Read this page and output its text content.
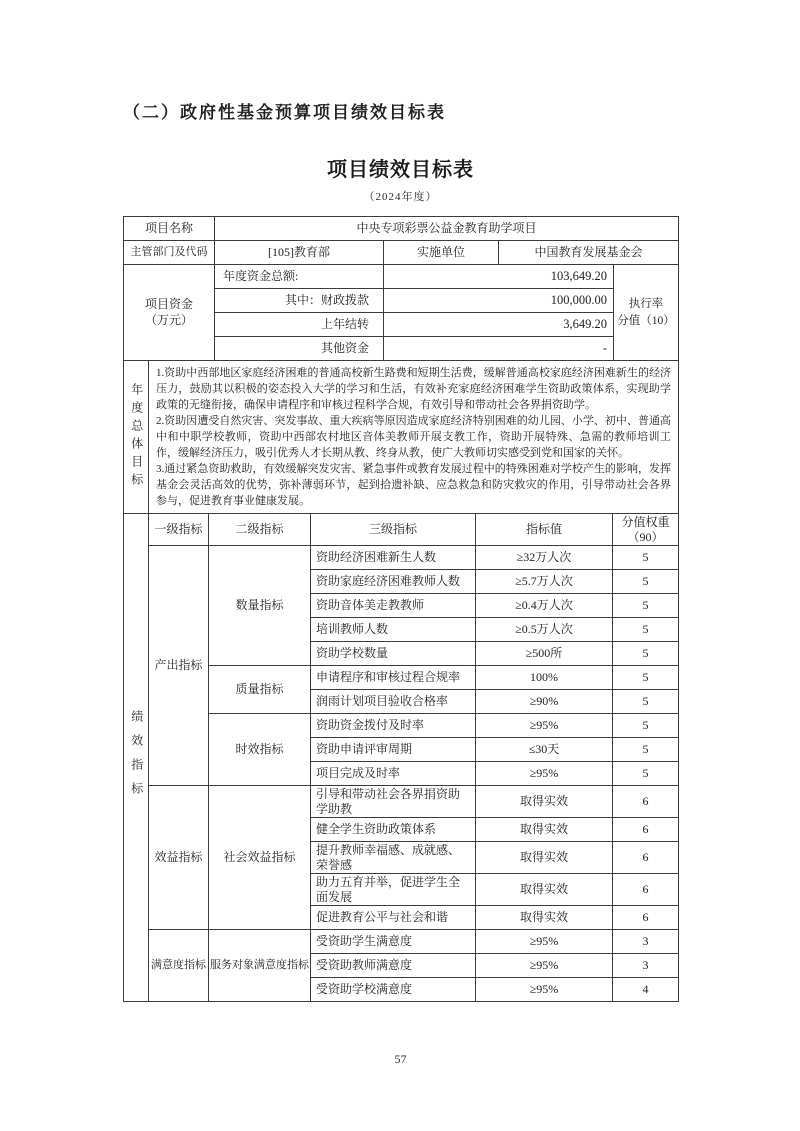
（二）政府性基金预算项目绩效目标表
项目绩效目标表
（2024年度）
项目名称	中央专项彩票公益金教育助学项目			
主管部门及代码	[105]教育部	实施单位	中国教育发展基金会	

项目资金
（万元）
	年度资金总额:	103,649.20	
执行率
分值（10）

	其中：财政拨款	100,000.00		
	上年结转	3,649.20		
	其他资金	-		
年度总体目标

1.资助中西部地区家庭经济困难的普通高校新生路费和短期生活费，缓解普通高校家庭经济困难新生的经济压力，鼓励其以积极的姿态投入大学的学习和生活，有效补充家庭经济困难学生资助政策体系，实现助学政策的无缝衔接，确保申请程序和审核过程科学合规，有效引导和带动社会各界捐资助学。

2.资助因遭受自然灾害、突发事故、重大疾病等原因造成家庭经济特别困难的幼儿园、小学、初中、普通高中和中职学校教师，资助中西部农村地区音体美教师开展支教工作，资助开展特殊、急需的教师培训工作，缓解经济压力，吸引优秀人才长期从教、终身从教，使广大教师切实感受到党和国家的关怀。

3.通过紧急资助救助，有效缓解突发灾害、紧急事件或教育发展过程中的特殊困难对学校产生的影响，发挥基金会灵活高效的优势，弥补薄弱环节，起到拾遗补缺、应急救急和防灾救灾的作用，引导带动社会各界参与，促进教育事业健康发展。

绩效指标	一级指标	二级指标	三级指标	指标值	分值权重
（90）

	产出指标	数量指标	资助经济困难新生人数	≥32万人次	5
			资助家庭经济困难教师人数	≥5.7万人次	5
			资助音体美走教教师	≥0.4万人次	5
			培训教师人数	≥0.5万人次	5
			资助学校数量	≥500所	5
		质量指标	申请程序和审核过程合规率	100%	5
			润雨计划项目验收合格率	≥90%	5
		时效指标	资助资金拨付及时率	≥95%	5
			资助申请评审周期	≤30天	5
			项目完成及时率	≥95%	5
	效益指标	社会效益指标	引导和带动社会各界捐资助学助教	取得实效	6
			健全学生资助政策体系	取得实效	6
			提升教师幸福感、成就感、荣誉感	取得实效	6
			助力五育并举，促进学生全面发展	取得实效	6
			促进教育公平与社会和谐	取得实效	6
	满意度指标	服务对象满意度指标	受资助学生满意度	≥95%	3
			受资助教师满意度	≥95%	3
			受资助学校满意度	≥95%	4
57
